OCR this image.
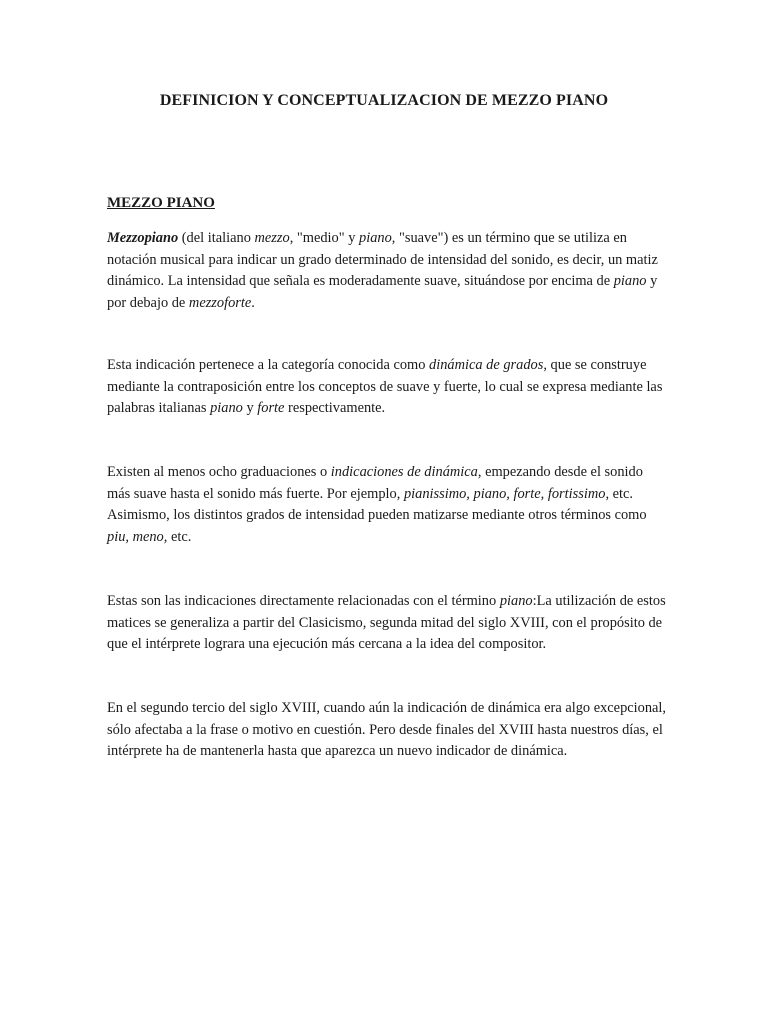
DEFINICION Y CONCEPTUALIZACION DE MEZZO PIANO
MEZZO PIANO

Mezzopiano (del italiano mezzo, "medio" y piano, "suave") es un término que se utiliza en notación musical para indicar un grado determinado de intensidad del sonido, es decir, un matiz dinámico. La intensidad que señala es moderadamente suave, situándose por encima de piano y por debajo de mezzoforte.

Esta indicación pertenece a la categoría conocida como dinámica de grados, que se construye mediante la contraposición entre los conceptos de suave y fuerte, lo cual se expresa mediante las palabras italianas piano y forte respectivamente.

Existen al menos ocho graduaciones o indicaciones de dinámica, empezando desde el sonido más suave hasta el sonido más fuerte. Por ejemplo, pianissimo, piano, forte, fortissimo, etc. Asimismo, los distintos grados de intensidad pueden matizarse mediante otros términos como piu, meno, etc.

Estas son las indicaciones directamente relacionadas con el término piano:La utilización de estos matices se generaliza a partir del Clasicismo, segunda mitad del siglo XVIII, con el propósito de que el intérprete lograra una ejecución más cercana a la idea del compositor.

En el segundo tercio del siglo XVIII, cuando aún la indicación de dinámica era algo excepcional, sólo afectaba a la frase o motivo en cuestión. Pero desde finales del XVIII hasta nuestros días, el intérprete ha de mantenerla hasta que aparezca un nuevo indicador de dinámica.
